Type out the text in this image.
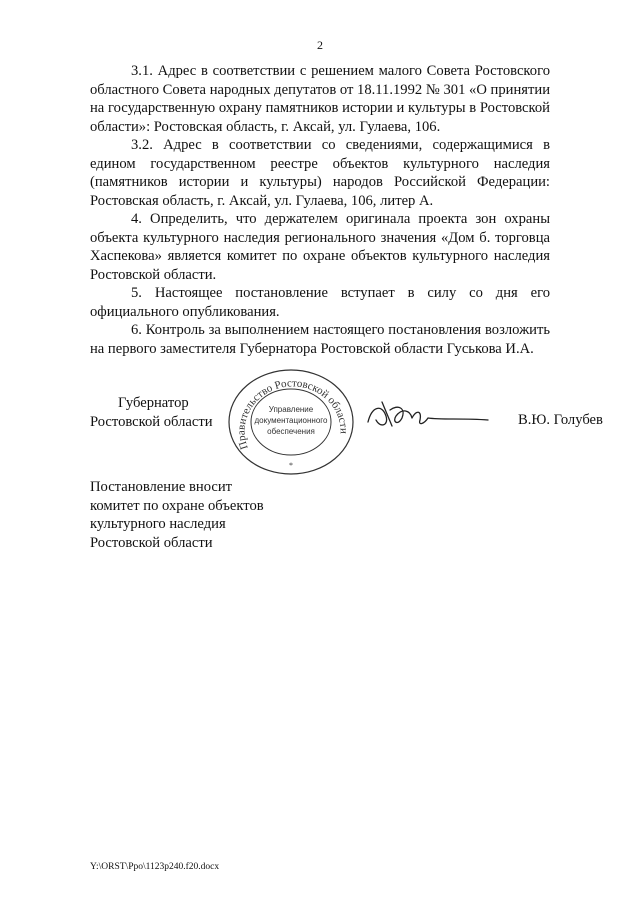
2

3.1. Адрес в соответствии с решением малого Совета Ростовского областного Совета народных депутатов от 18.11.1992 № 301 «О принятии на государственную охрану памятников истории и культуры в Ростовской области»: Ростовская область, г. Аксай, ул. Гулаева, 106.

3.2. Адрес в соответствии со сведениями, содержащимися в едином государственном реестре объектов культурного наследия (памятников истории и культуры) народов Российской Федерации: Ростовская область, г. Аксай, ул. Гулаева, 106, литер А.

4. Определить, что держателем оригинала проекта зон охраны объекта культурного наследия регионального значения «Дом б. торговца Хаспекова» является комитет по охране объектов культурного наследия Ростовской области.

5. Настоящее постановление вступает в силу со дня его официального опубликования.

6. Контроль за выполнением настоящего постановления возложить на первого заместителя Губернатора Ростовской области Гуськова И.А.

Губернатор
Ростовской области
Правительство Ростовской области
Управление
документационного
обеспечения
*
В.Ю. Голубев
Постановление вносит
комитет по охране объектов
культурного наследия
Ростовской области
Y:\ORST\Ppo\1123p240.f20.docx
